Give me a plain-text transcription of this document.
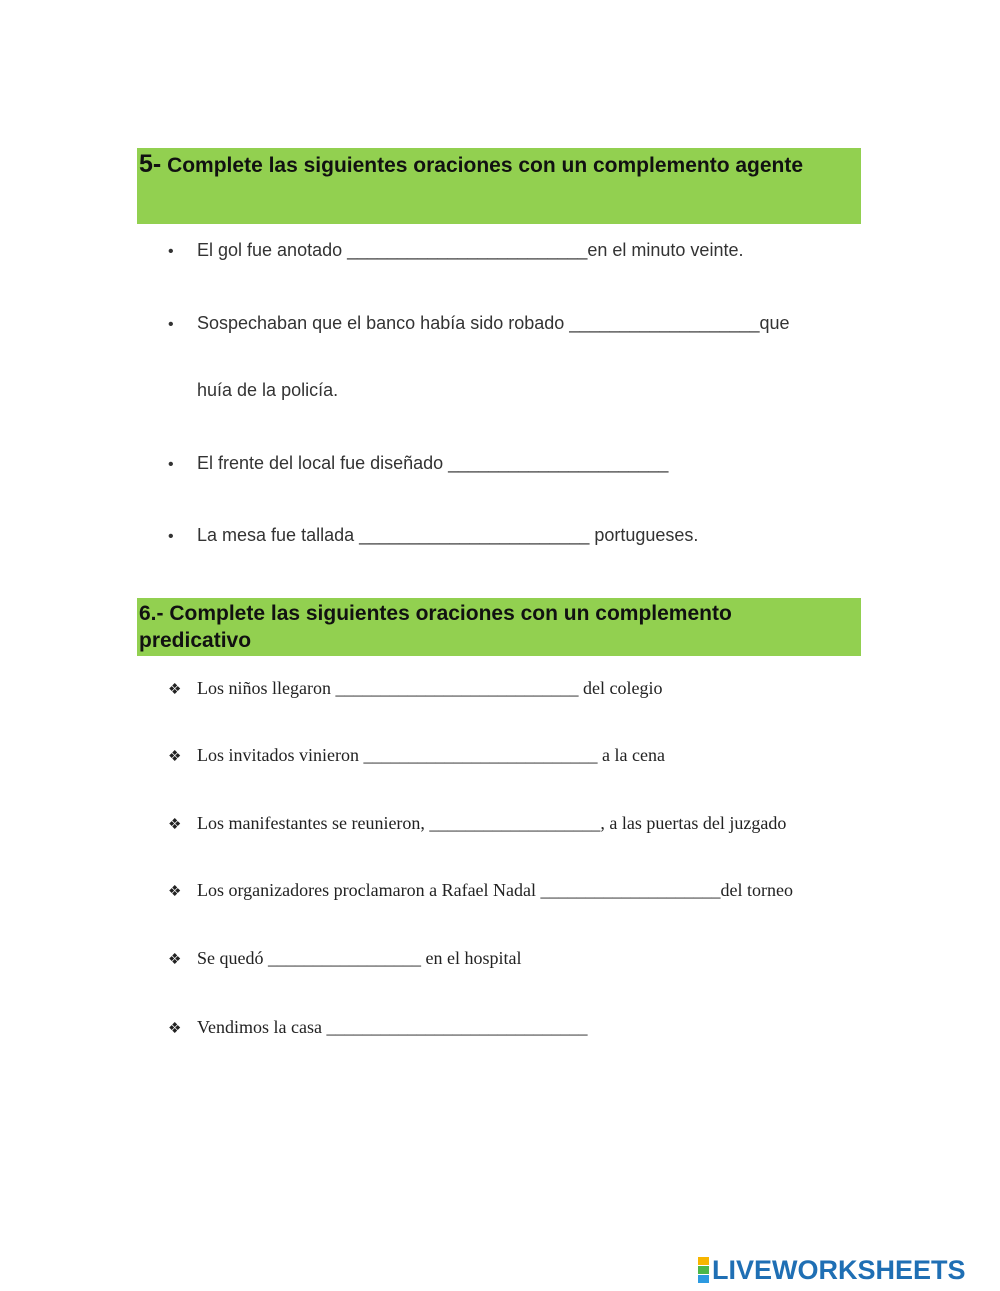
5- Complete las siguientes oraciones con un complemento agente
• El gol fue anotado ________________________en el minuto veinte.
• Sospechaban que el banco había sido robado ___________________que
huía de la policía.
• El frente del local fue diseñado ______________________
• La mesa fue tallada _______________________ portugueses.
6.- Complete las siguientes oraciones con un complemento predicativo
❖ Los niños llegaron ___________________________ del colegio
❖ Los invitados vinieron __________________________ a la cena
❖ Los manifestantes se reunieron, ___________________, a las puertas del juzgado
❖ Los organizadores proclamaron a Rafael Nadal ____________________del torneo
❖ Se quedó _________________ en el hospital
❖ Vendimos la casa _____________________________
LIVEWORKSHEETS
